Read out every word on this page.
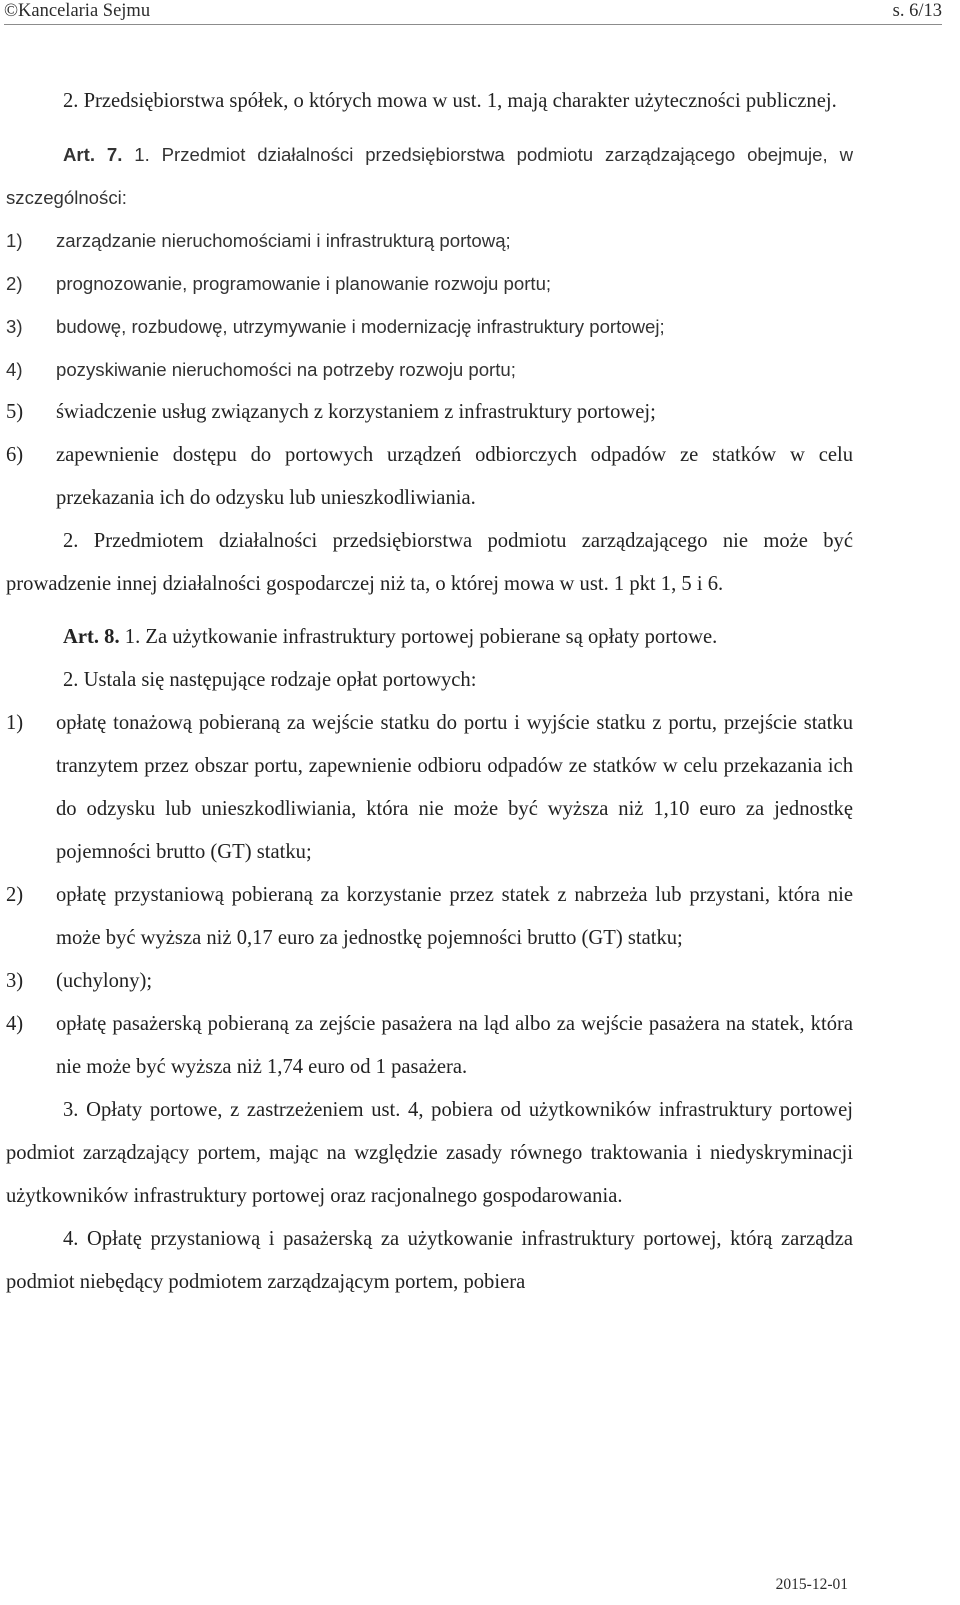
©Kancelaria Sejmu	s. 6/13

2. Przedsiębiorstwa spółek, o których mowa w ust. 1, mają charakter użyteczności publicznej.

Art. 7. 1. Przedmiot działalności przedsiębiorstwa podmiotu zarządzającego obejmuje, w szczególności:

1)	zarządzanie nieruchomościami i infrastrukturą portową;
2)	prognozowanie, programowanie i planowanie rozwoju portu;
3)	budowę, rozbudowę, utrzymywanie i modernizację infrastruktury portowej;
4)	pozyskiwanie nieruchomości na potrzeby rozwoju portu;
5)	świadczenie usług związanych z korzystaniem z infrastruktury portowej;
6)	zapewnienie dostępu do portowych urządzeń odbiorczych odpadów ze statków w celu przekazania ich do odzysku lub unieszkodliwiania.

2. Przedmiotem działalności przedsiębiorstwa podmiotu zarządzającego nie może być prowadzenie innej działalności gospodarczej niż ta, o której mowa w ust. 1 pkt 1, 5 i 6.

Art. 8. 1. Za użytkowanie infrastruktury portowej pobierane są opłaty portowe.

2. Ustala się następujące rodzaje opłat portowych:

1)	opłatę tonażową pobieraną za wejście statku do portu i wyjście statku z portu, przejście statku tranzytem przez obszar portu, zapewnienie odbioru odpadów ze statków w celu przekazania ich do odzysku lub unieszkodliwiania, która nie może być wyższa niż 1,10 euro za jednostkę pojemności brutto (GT) statku;
2)	opłatę przystaniową pobieraną za korzystanie przez statek z nabrzeża lub przystani, która nie może być wyższa niż 0,17 euro za jednostkę pojemności brutto (GT) statku;
3)	(uchylony);
4)	opłatę pasażerską pobieraną za zejście pasażera na ląd albo za wejście pasażera na statek, która nie może być wyższa niż 1,74 euro od 1 pasażera.

3. Opłaty portowe, z zastrzeżeniem ust. 4, pobiera od użytkowników infrastruktury portowej podmiot zarządzający portem, mając na względzie zasady równego traktowania i niedyskryminacji użytkowników infrastruktury portowej oraz racjonalnego gospodarowania.

4. Opłatę przystaniową i pasażerską za użytkowanie infrastruktury portowej, którą zarządza podmiot niebędący podmiotem zarządzającym portem, pobiera

2015-12-01
